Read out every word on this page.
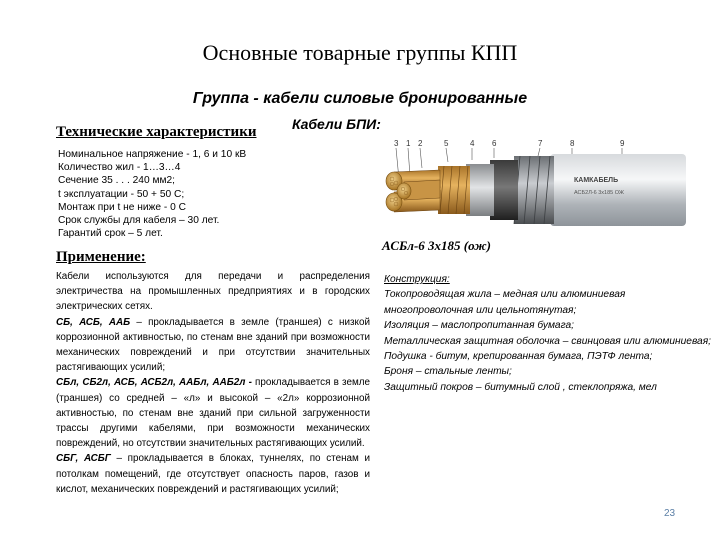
Основные товарные группы КПП
Группа - кабели силовые бронированные
Технические характеристики	Кабели БПИ:
Номинальное напряжение - 1, 6 и 10 кВ
Количество жил - 1…3…4
Сечение 35 . . . 240 мм2;
t эксплуатации - 50 + 50 С;
Монтаж при t не ниже - 0 С
Срок службы для кабеля – 30 лет.
Гарантий срок – 5 лет.
Применение:
Кабели используются для передачи и распределения электричества на промышленных предприятиях и в городских электрических сетях.
СБ, АСБ, ААБ – прокладывается в земле (траншея) с низкой коррозионной активностью, по стенам вне зданий при возможности механических повреждений и при отсутствии значительных растягивающих усилий;
СБл, СБ2л, АСБ, АСБ2л, ААБл, ААБ2л - прокладывается в земле (траншея) со средней – «л» и высокой – «2л» коррозионной активностью, по стенам вне зданий при сильной загруженности трассы другими кабелями, при возможности механических повреждений, но отсутствии значительных растягивающих усилий.
СБГ, АСБГ – прокладывается в блоках, туннелях, по стенам и потолкам помещений, где отсутствует опасность паров, газов и кислот, механических повреждений и растягивающих усилий;
3 1 2	5	4 6	7	8	9
КАМКАБЕЛЬ
АСБ2Л-6 3х185 ОЖ
АСБл-6 3х185 (ож)
Конструкция:
Токопроводящая жила – медная или алюминиевая многопроволочная или цельнотянутая;
Изоляция – маслопропитанная бумага;
Металлическая защитная оболочка – свинцовая или алюминиевая;
Подушка - битум, крепированная бумага, ПЭТФ лента;
Броня – стальные ленты;
Защитный покров – битумный слой , стеклопряжа, мел
23
